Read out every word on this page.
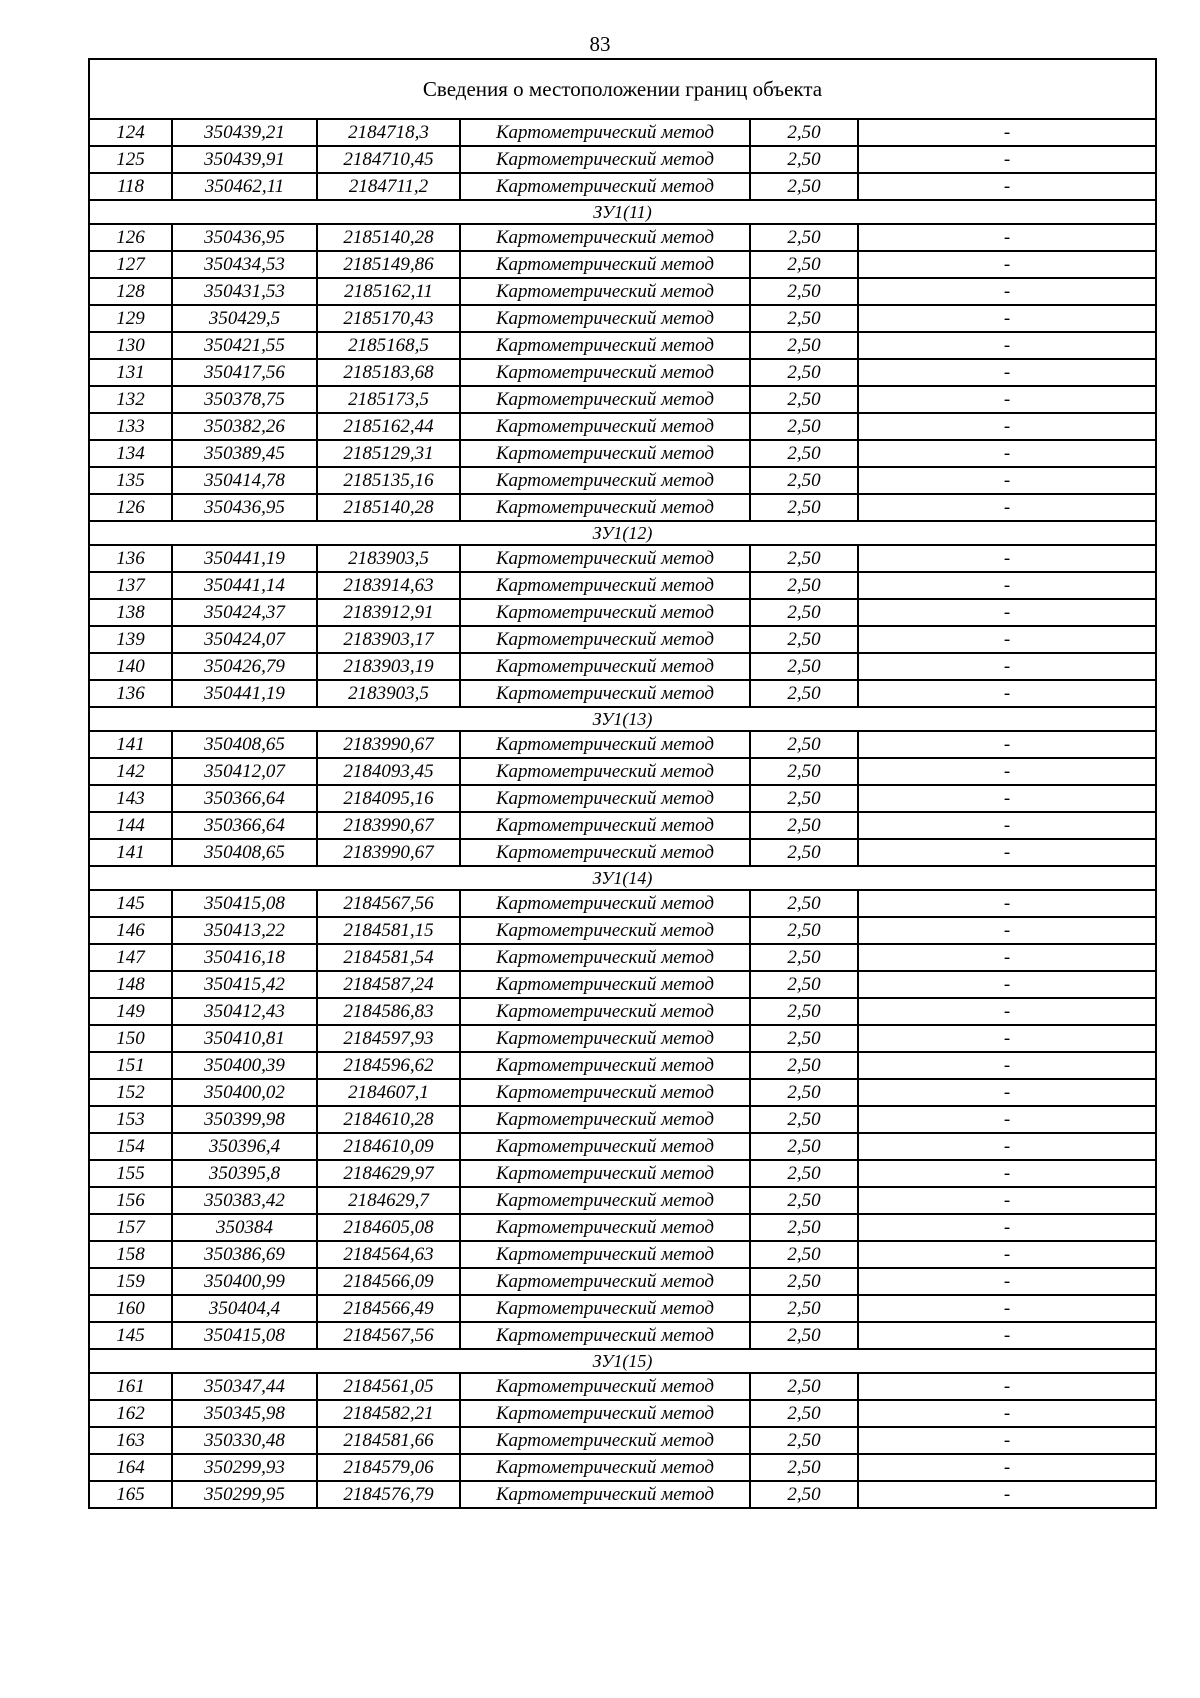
83
Сведения о местоположении границ объекта					
124	350439,21	2184718,3	Картометрический метод	2,50	-
125	350439,91	2184710,45	Картометрический метод	2,50	-
118	350462,11	2184711,2	Картометрический метод	2,50	-
ЗУ1(11)					
126	350436,95	2185140,28	Картометрический метод	2,50	-
127	350434,53	2185149,86	Картометрический метод	2,50	-
128	350431,53	2185162,11	Картометрический метод	2,50	-
129	350429,5	2185170,43	Картометрический метод	2,50	-
130	350421,55	2185168,5	Картометрический метод	2,50	-
131	350417,56	2185183,68	Картометрический метод	2,50	-
132	350378,75	2185173,5	Картометрический метод	2,50	-
133	350382,26	2185162,44	Картометрический метод	2,50	-
134	350389,45	2185129,31	Картометрический метод	2,50	-
135	350414,78	2185135,16	Картометрический метод	2,50	-
126	350436,95	2185140,28	Картометрический метод	2,50	-
ЗУ1(12)					
136	350441,19	2183903,5	Картометрический метод	2,50	-
137	350441,14	2183914,63	Картометрический метод	2,50	-
138	350424,37	2183912,91	Картометрический метод	2,50	-
139	350424,07	2183903,17	Картометрический метод	2,50	-
140	350426,79	2183903,19	Картометрический метод	2,50	-
136	350441,19	2183903,5	Картометрический метод	2,50	-
ЗУ1(13)					
141	350408,65	2183990,67	Картометрический метод	2,50	-
142	350412,07	2184093,45	Картометрический метод	2,50	-
143	350366,64	2184095,16	Картометрический метод	2,50	-
144	350366,64	2183990,67	Картометрический метод	2,50	-
141	350408,65	2183990,67	Картометрический метод	2,50	-
ЗУ1(14)					
145	350415,08	2184567,56	Картометрический метод	2,50	-
146	350413,22	2184581,15	Картометрический метод	2,50	-
147	350416,18	2184581,54	Картометрический метод	2,50	-
148	350415,42	2184587,24	Картометрический метод	2,50	-
149	350412,43	2184586,83	Картометрический метод	2,50	-
150	350410,81	2184597,93	Картометрический метод	2,50	-
151	350400,39	2184596,62	Картометрический метод	2,50	-
152	350400,02	2184607,1	Картометрический метод	2,50	-
153	350399,98	2184610,28	Картометрический метод	2,50	-
154	350396,4	2184610,09	Картометрический метод	2,50	-
155	350395,8	2184629,97	Картометрический метод	2,50	-
156	350383,42	2184629,7	Картометрический метод	2,50	-
157	350384	2184605,08	Картометрический метод	2,50	-
158	350386,69	2184564,63	Картометрический метод	2,50	-
159	350400,99	2184566,09	Картометрический метод	2,50	-
160	350404,4	2184566,49	Картометрический метод	2,50	-
145	350415,08	2184567,56	Картометрический метод	2,50	-
ЗУ1(15)					
161	350347,44	2184561,05	Картометрический метод	2,50	-
162	350345,98	2184582,21	Картометрический метод	2,50	-
163	350330,48	2184581,66	Картометрический метод	2,50	-
164	350299,93	2184579,06	Картометрический метод	2,50	-
165	350299,95	2184576,79	Картометрический метод	2,50	-
